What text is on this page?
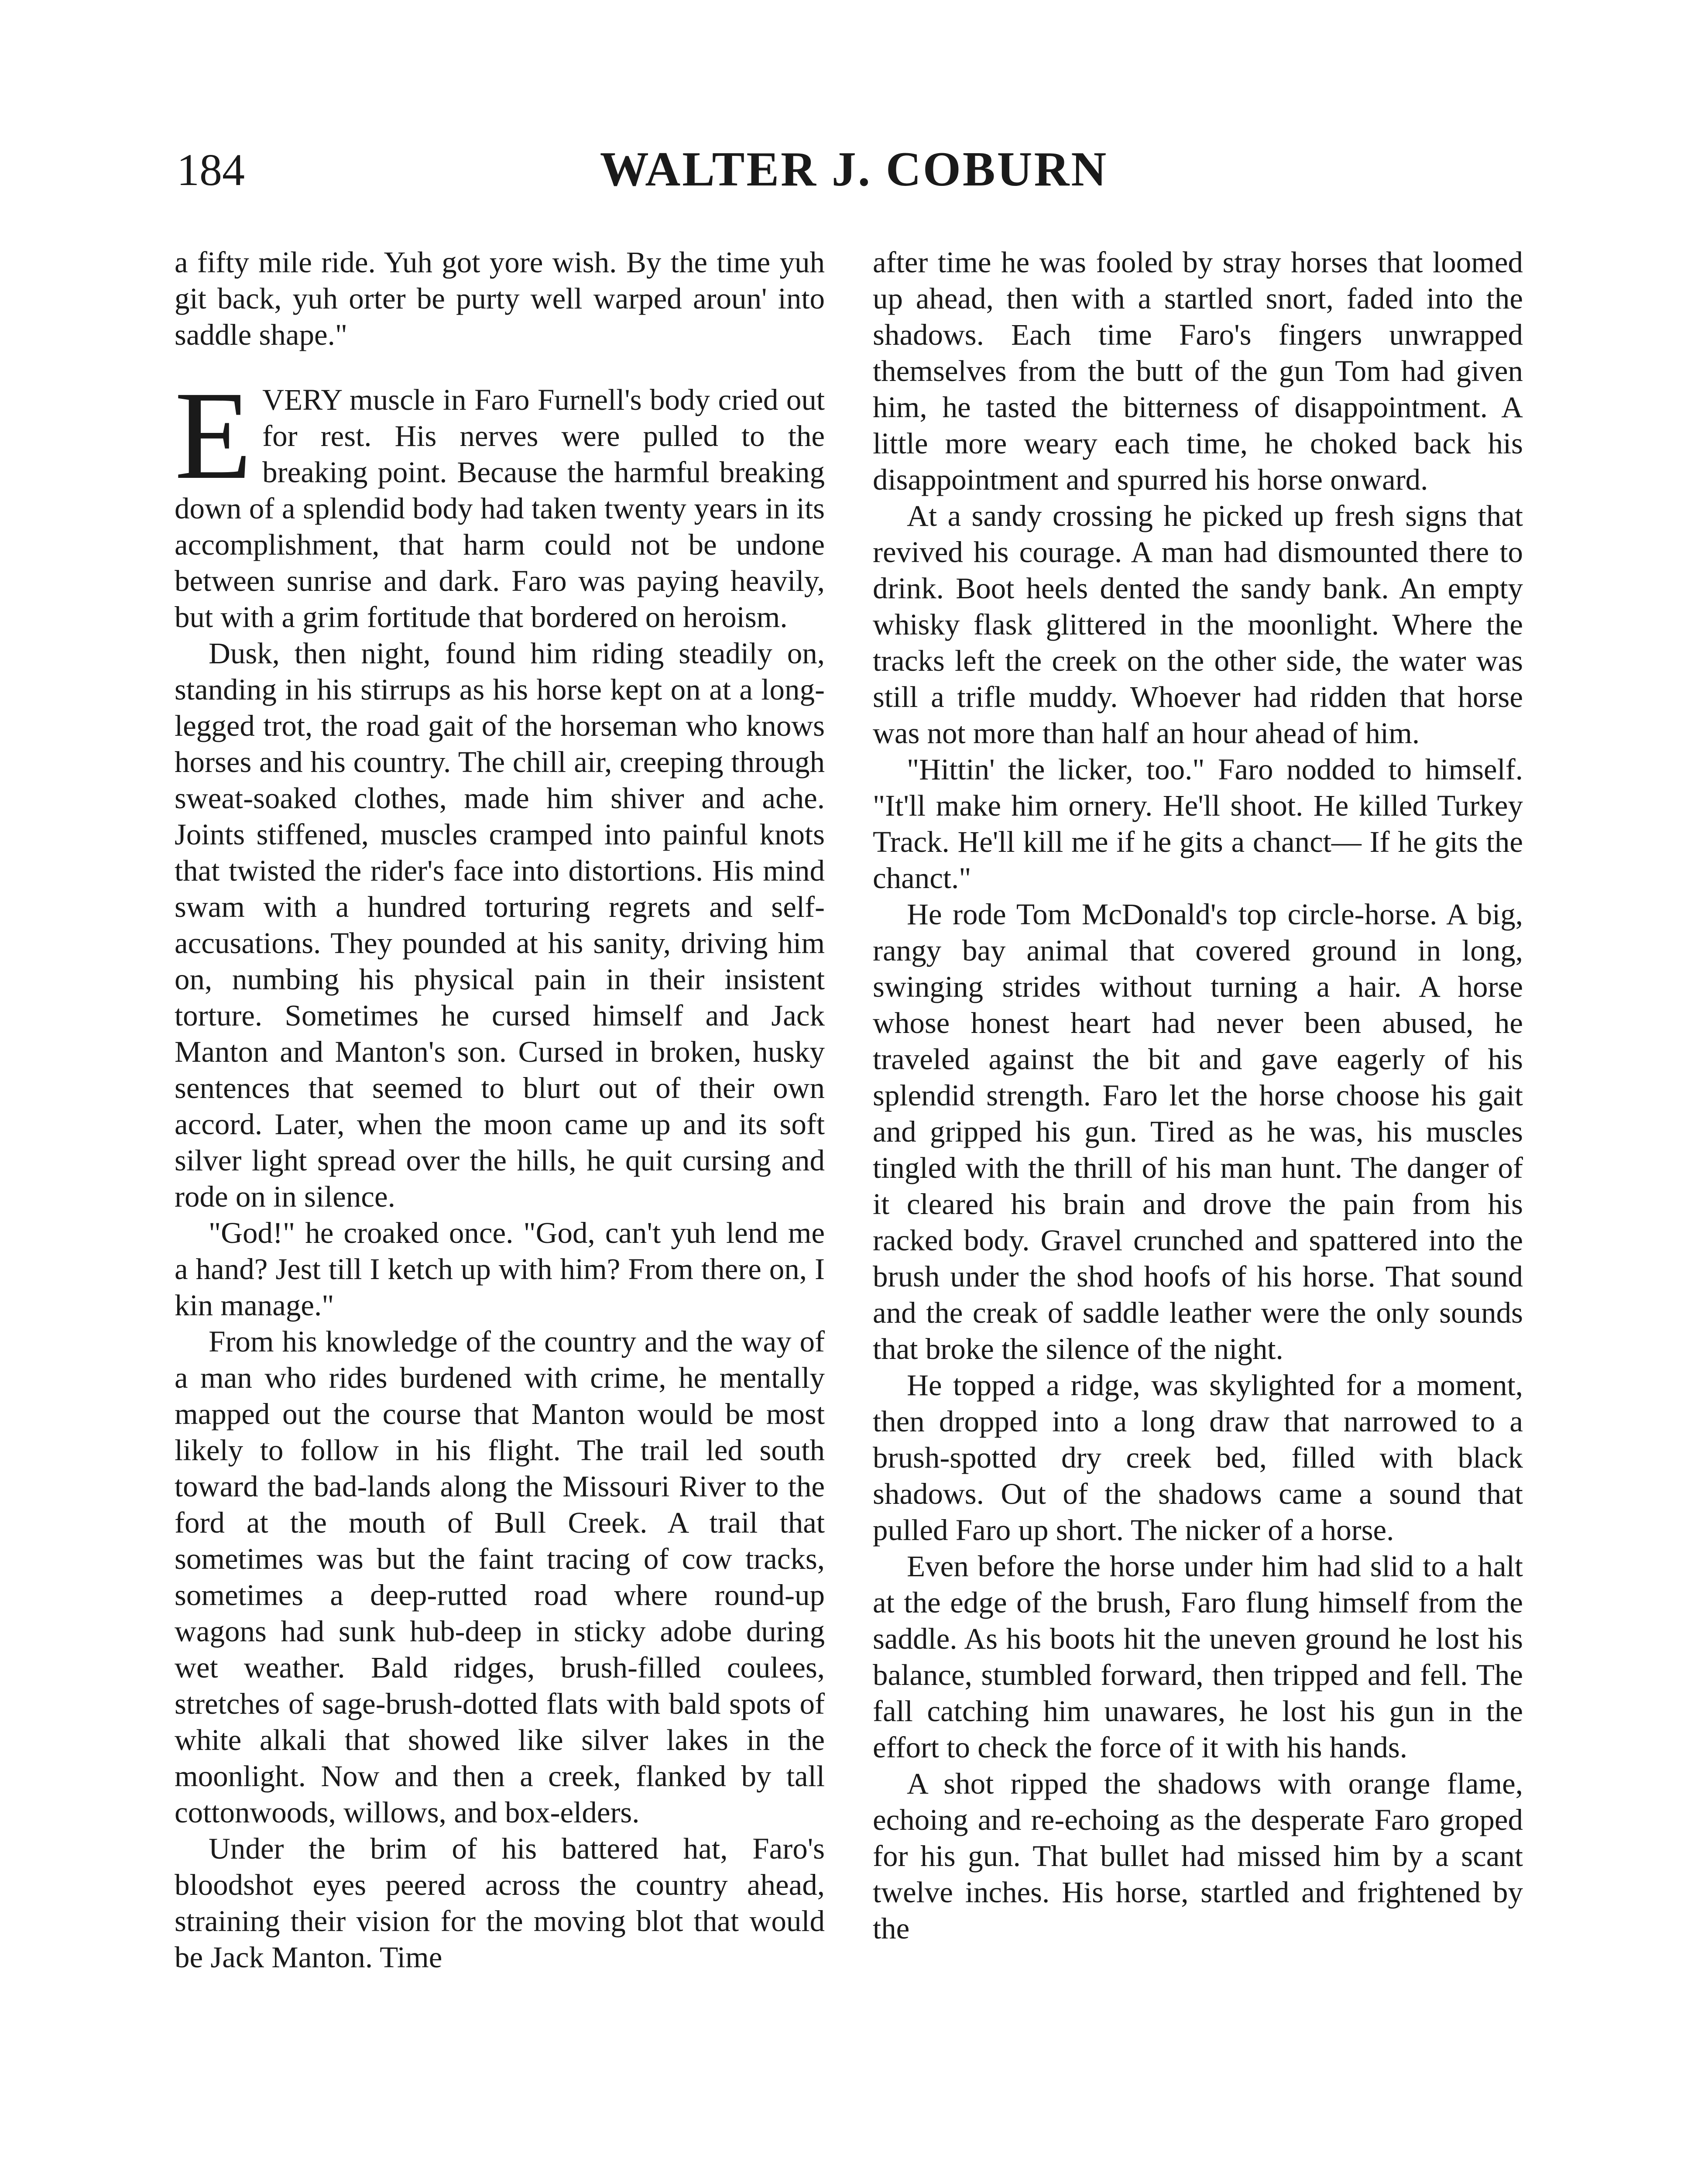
184	WALTER J. COBURN

a fifty mile ride. Yuh got yore wish. By the time yuh git back, yuh orter be purty well warped aroun' into saddle shape."

EVERY muscle in Faro Furnell's body cried out for rest. His nerves were pulled to the breaking point. Because the harmful breaking down of a splendid body had taken twenty years in its accomplishment, that harm could not be undone between sunrise and dark. Faro was paying heavily, but with a grim fortitude that bordered on heroism.

Dusk, then night, found him riding steadily on, standing in his stirrups as his horse kept on at a long-legged trot, the road gait of the horseman who knows horses and his country. The chill air, creeping through sweat-soaked clothes, made him shiver and ache. Joints stiffened, muscles cramped into painful knots that twisted the rider's face into distortions. His mind swam with a hundred torturing regrets and self-accusations. They pounded at his sanity, driving him on, numbing his physical pain in their insistent torture. Sometimes he cursed himself and Jack Manton and Manton's son. Cursed in broken, husky sentences that seemed to blurt out of their own accord. Later, when the moon came up and its soft silver light spread over the hills, he quit cursing and rode on in silence.

"God!" he croaked once. "God, can't yuh lend me a hand? Jest till I ketch up with him? From there on, I kin manage."

From his knowledge of the country and the way of a man who rides burdened with crime, he mentally mapped out the course that Manton would be most likely to follow in his flight. The trail led south toward the bad-lands along the Missouri River to the ford at the mouth of Bull Creek. A trail that sometimes was but the faint tracing of cow tracks, sometimes a deep-rutted road where round-up wagons had sunk hub-deep in sticky adobe during wet weather. Bald ridges, brush-filled coulees, stretches of sage-brush-dotted flats with bald spots of white alkali that showed like silver lakes in the moonlight. Now and then a creek, flanked by tall cottonwoods, willows, and box-elders.

Under the brim of his battered hat, Faro's bloodshot eyes peered across the country ahead, straining their vision for the moving blot that would be Jack Manton. Time

after time he was fooled by stray horses that loomed up ahead, then with a startled snort, faded into the shadows. Each time Faro's fingers unwrapped themselves from the butt of the gun Tom had given him, he tasted the bitterness of disappointment. A little more weary each time, he choked back his disappointment and spurred his horse onward.

At a sandy crossing he picked up fresh signs that revived his courage. A man had dismounted there to drink. Boot heels dented the sandy bank. An empty whisky flask glittered in the moonlight. Where the tracks left the creek on the other side, the water was still a trifle muddy. Whoever had ridden that horse was not more than half an hour ahead of him.

"Hittin' the licker, too." Faro nodded to himself. "It'll make him ornery. He'll shoot. He killed Turkey Track. He'll kill me if he gits a chanct— If he gits the chanct."

He rode Tom McDonald's top circle-horse. A big, rangy bay animal that covered ground in long, swinging strides without turning a hair. A horse whose honest heart had never been abused, he traveled against the bit and gave eagerly of his splendid strength. Faro let the horse choose his gait and gripped his gun. Tired as he was, his muscles tingled with the thrill of his man hunt. The danger of it cleared his brain and drove the pain from his racked body. Gravel crunched and spattered into the brush under the shod hoofs of his horse. That sound and the creak of saddle leather were the only sounds that broke the silence of the night.

He topped a ridge, was skylighted for a moment, then dropped into a long draw that narrowed to a brush-spotted dry creek bed, filled with black shadows. Out of the shadows came a sound that pulled Faro up short. The nicker of a horse.

Even before the horse under him had slid to a halt at the edge of the brush, Faro flung himself from the saddle. As his boots hit the uneven ground he lost his balance, stumbled forward, then tripped and fell. The fall catching him unawares, he lost his gun in the effort to check the force of it with his hands.

A shot ripped the shadows with orange flame, echoing and re-echoing as the desperate Faro groped for his gun. That bullet had missed him by a scant twelve inches. His horse, startled and frightened by the
